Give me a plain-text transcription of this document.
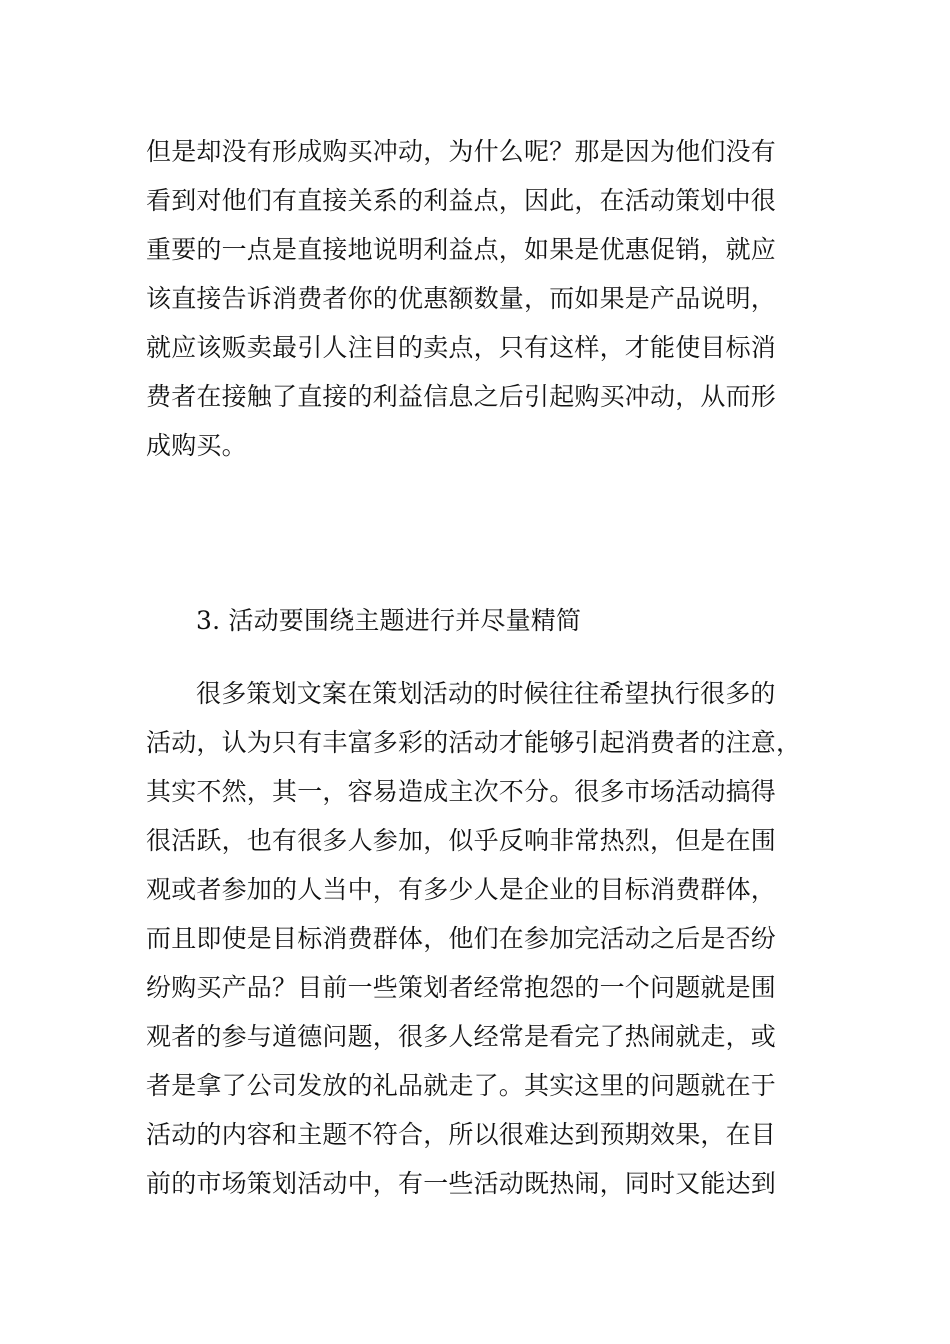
但是却没有形成购买冲动，为什么呢？那是因为他们没有
看到对他们有直接关系的利益点，因此，在活动策划中很
重要的一点是直接地说明利益点，如果是优惠促销，就应
该直接告诉消费者你的优惠额数量，而如果是产品说明，
就应该贩卖最引人注目的卖点，只有这样，才能使目标消
费者在接触了直接的利益信息之后引起购买冲动，从而形
成购买。
3. 活动要围绕主题进行并尽量精简
很多策划文案在策划活动的时候往往希望执行很多的
活动，认为只有丰富多彩的活动才能够引起消费者的注意，
其实不然，其一，容易造成主次不分。很多市场活动搞得
很活跃，也有很多人参加，似乎反响非常热烈，但是在围
观或者参加的人当中，有多少人是企业的目标消费群体，
而且即使是目标消费群体，他们在参加完活动之后是否纷
纷购买产品？目前一些策划者经常抱怨的一个问题就是围
观者的参与道德问题，很多人经常是看完了热闹就走，或
者是拿了公司发放的礼品就走了。其实这里的问题就在于
活动的内容和主题不符合，所以很难达到预期效果，在目
前的市场策划活动中，有一些活动既热闹，同时又能达到
